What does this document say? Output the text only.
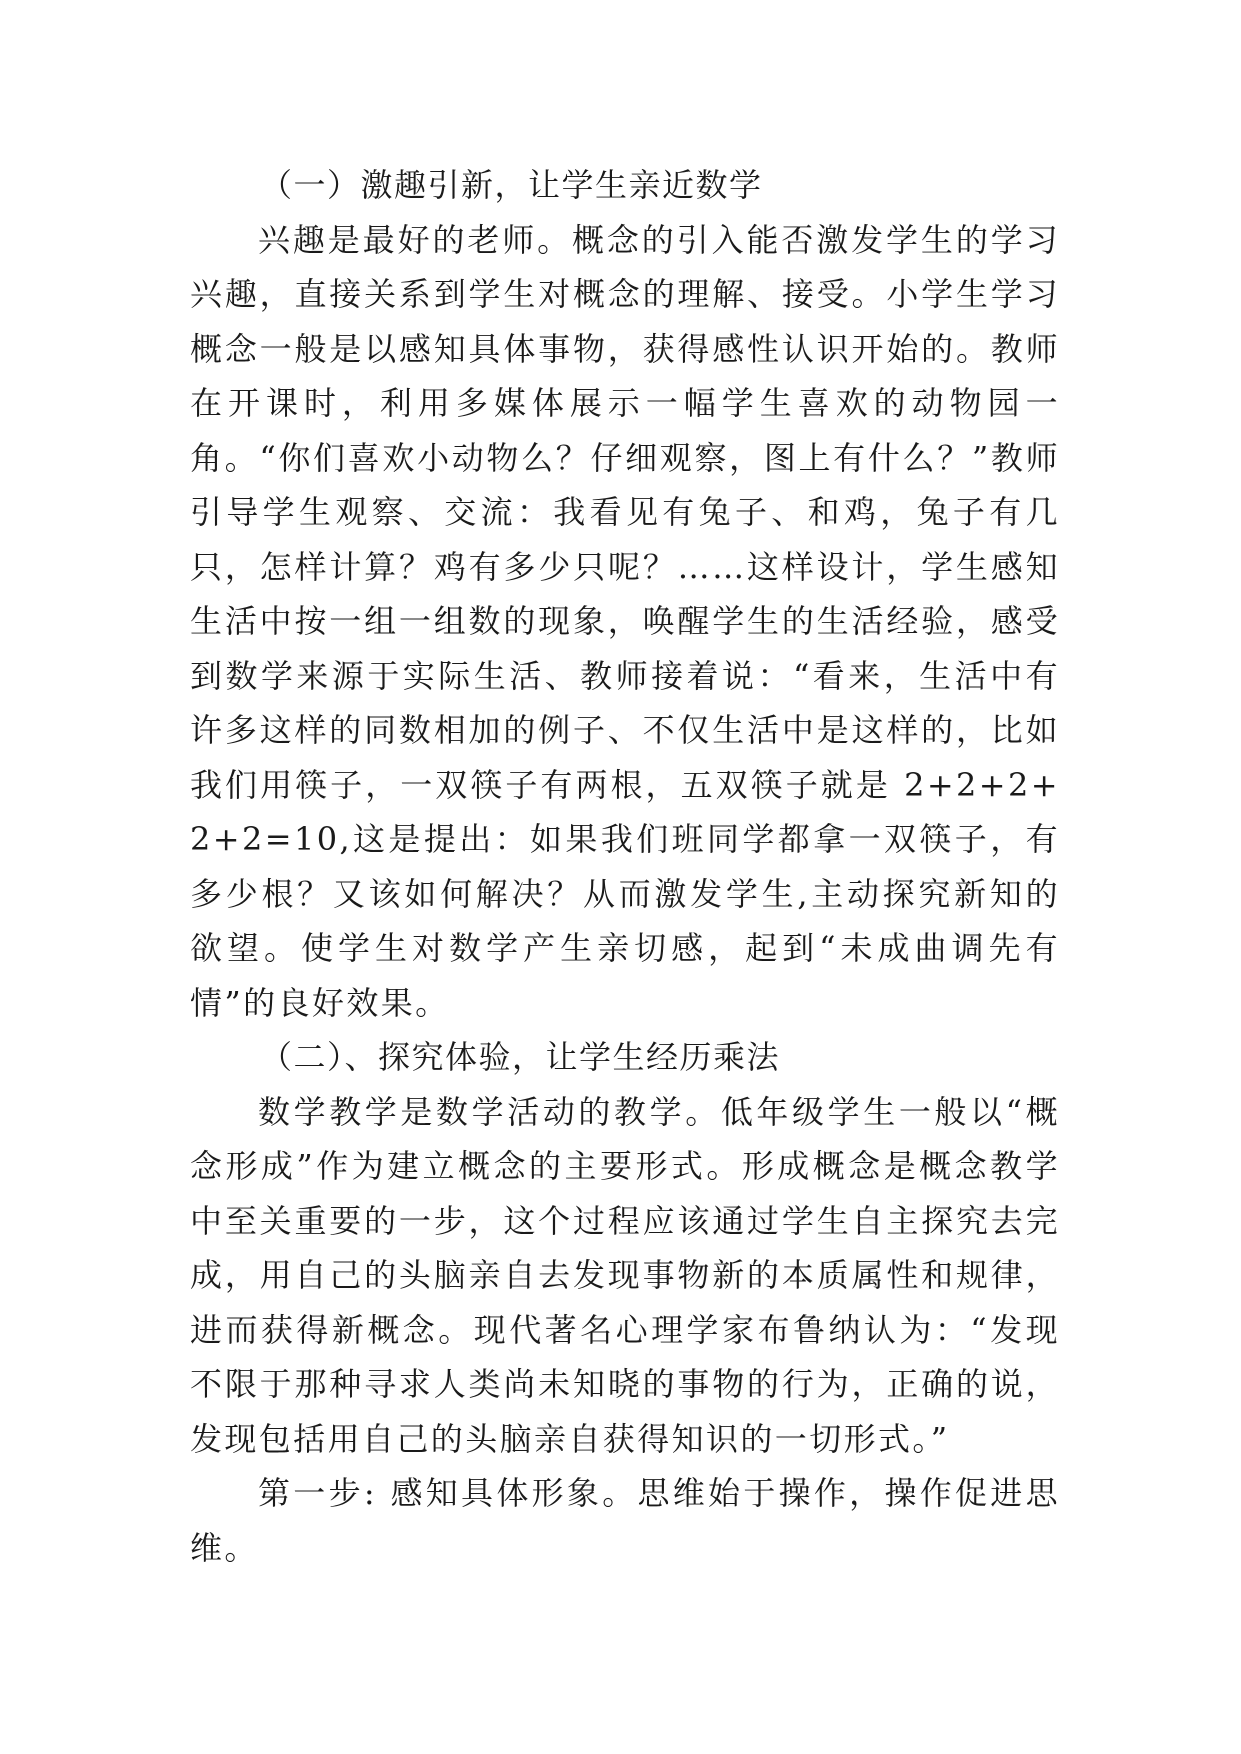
（一）激趣引新，让学生亲近数学

兴趣是最好的老师。概念的引入能否激发学生的学习兴趣，直接关系到学生对概念的理解、接受。小学生学习概念一般是以感知具体事物，获得感性认识开始的。教师在开课时，利用多媒体展示一幅学生喜欢的动物园一角。“你们喜欢小动物么？仔细观察，图上有什么？”教师引导学生观察、交流：我看见有兔子、和鸡，兔子有几只，怎样计算？鸡有多少只呢？……这样设计，学生感知生活中按一组一组数的现象，唤醒学生的生活经验，感受到数学来源于实际生活、教师接着说：“看来，生活中有许多这样的同数相加的例子、不仅生活中是这样的，比如我们用筷子，一双筷子有两根，五双筷子就是 2+2+2+2+2=10,这是提出：如果我们班同学都拿一双筷子，有多少根？又该如何解决？从而激发学生,主动探究新知的欲望。使学生对数学产生亲切感，起到“未成曲调先有情”的良好效果。

（二）、探究体验，让学生经历乘法

数学教学是数学活动的教学。低年级学生一般以“概念形成”作为建立概念的主要形式。形成概念是概念教学中至关重要的一步，这个过程应该通过学生自主探究去完成，用自己的头脑亲自去发现事物新的本质属性和规律，进而获得新概念。现代著名心理学家布鲁纳认为：“发现不限于那种寻求人类尚未知晓的事物的行为，正确的说，发现包括用自己的头脑亲自获得知识的一切形式。”

第一步: 感知具体形象。思维始于操作，操作促进思维。
